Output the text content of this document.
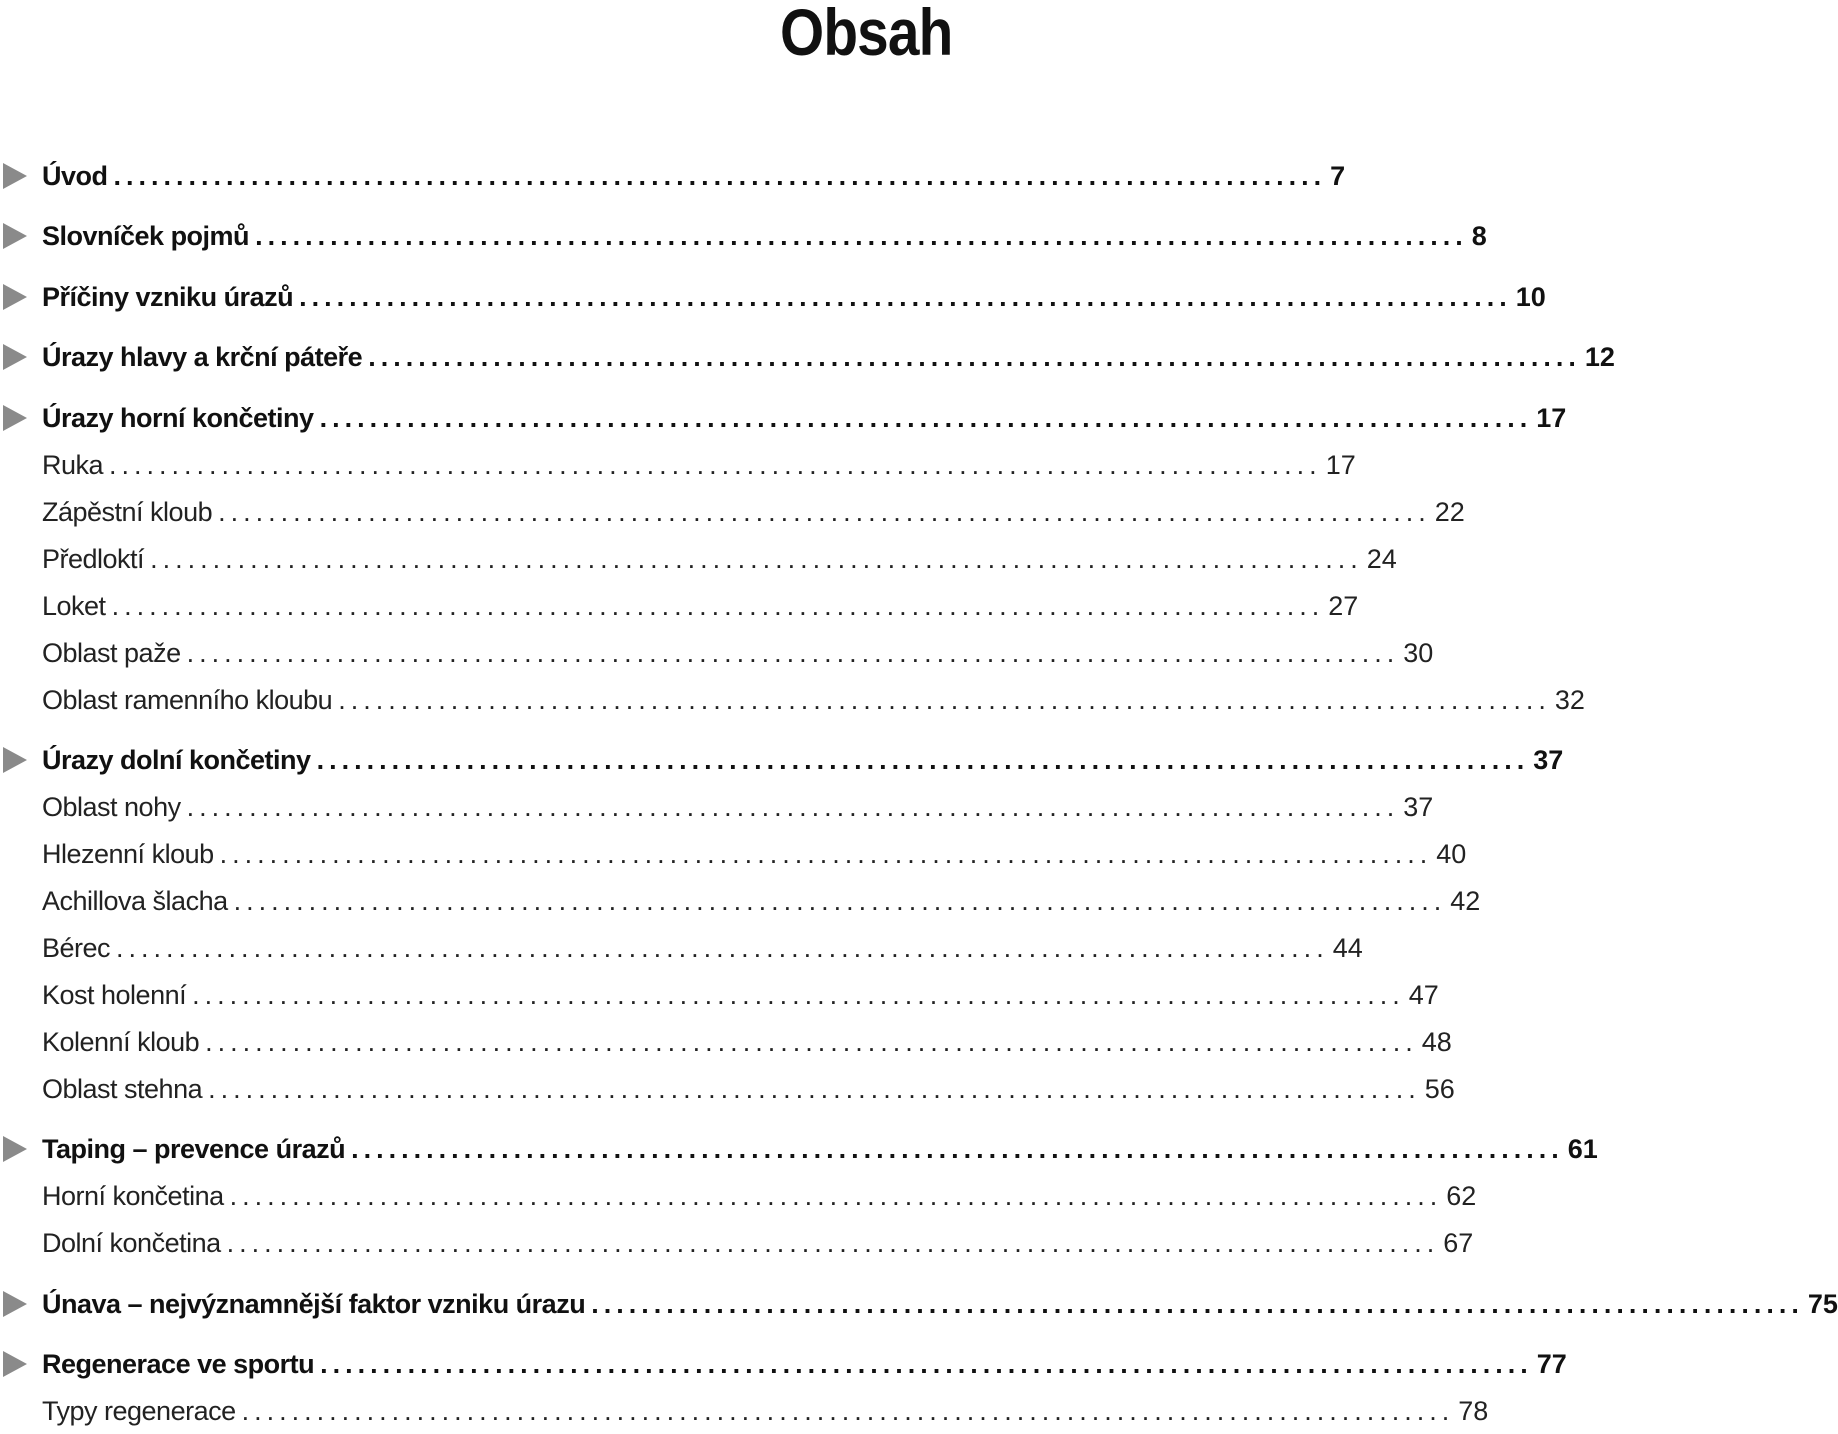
Obsah
Úvod ................................................................................................. 7
Slovníček pojmů ................................................................................................. 8
Příčiny vzniku úrazů ................................................................................................. 10
Úrazy hlavy a krční páteře ................................................................................................. 12
Úrazy horní končetiny ................................................................................................. 17
Ruka ................................................................................................. 17
Zápěstní kloub ................................................................................................. 22
Předloktí ................................................................................................. 24
Loket ................................................................................................. 27
Oblast paže ................................................................................................. 30
Oblast ramenního kloubu ................................................................................................. 32
Úrazy dolní končetiny ................................................................................................. 37
Oblast nohy ................................................................................................. 37
Hlezenní kloub ................................................................................................. 40
Achillova šlacha ................................................................................................. 42
Bérec ................................................................................................. 44
Kost holenní ................................................................................................. 47
Kolenní kloub ................................................................................................. 48
Oblast stehna ................................................................................................. 56
Taping – prevence úrazů ................................................................................................. 61
Horní končetina ................................................................................................. 62
Dolní končetina ................................................................................................. 67
Únava – nejvýznamnější faktor vzniku úrazu ................................................................................................. 75
Regenerace ve sportu ................................................................................................. 77
Typy regenerace ................................................................................................. 78
